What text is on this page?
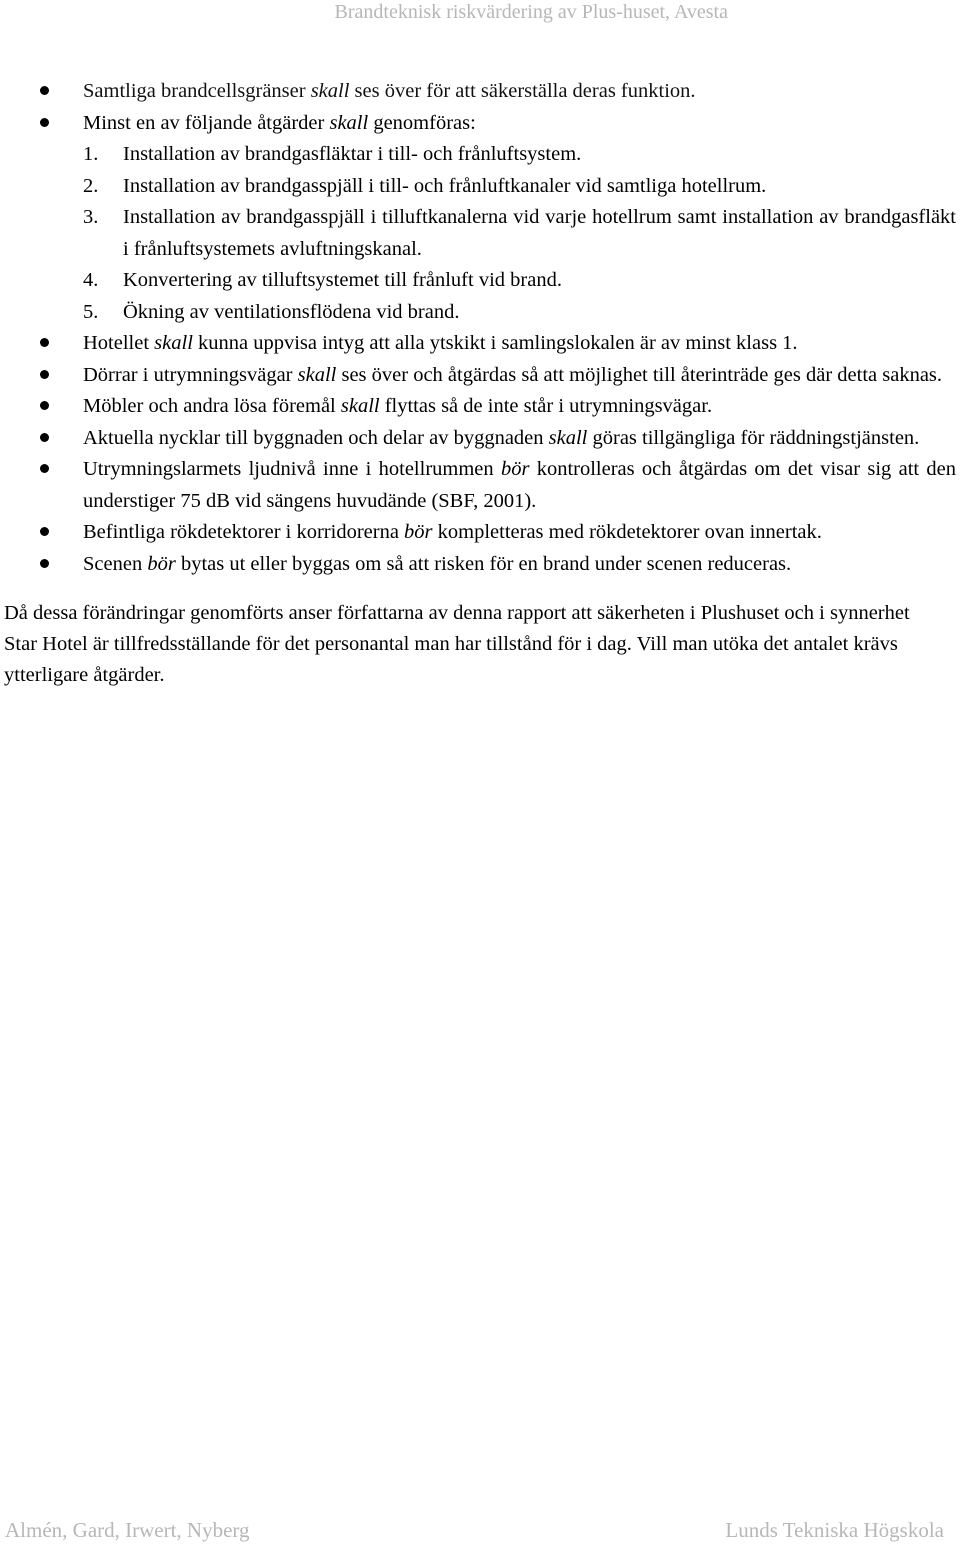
Brandteknisk riskvärdering av Plus-huset, Avesta
Samtliga brandcellsgränser skall ses över för att säkerställa deras funktion.
Minst en av följande åtgärder skall genomföras:
1. Installation av brandgasfläktar i till- och frånluftsystem.
2. Installation av brandgasspjäll i till- och frånluftkanaler vid samtliga hotellrum.
3. Installation av brandgasspjäll i tilluftkanalerna vid varje hotellrum samt installation av brandgasfläkt i frånluftsystemets avluftningskanal.
4. Konvertering av tilluftsystemet till frånluft vid brand.
5. Ökning av ventilationsflödena vid brand.
Hotellet skall kunna uppvisa intyg att alla ytskikt i samlingslokalen är av minst klass 1.
Dörrar i utrymningsvägar skall ses över och åtgärdas så att möjlighet till återinträde ges där detta saknas.
Möbler och andra lösa föremål skall flyttas så de inte står i utrymningsvägar.
Aktuella nycklar till byggnaden och delar av byggnaden skall göras tillgängliga för räddningstjänsten.
Utrymningslarmets ljudnivå inne i hotellrummen bör kontrolleras och åtgärdas om det visar sig att den understiger 75 dB vid sängens huvudände (SBF, 2001).
Befintliga rökdetektorer i korridorerna bör kompletteras med rökdetektorer ovan innertak.
Scenen bör bytas ut eller byggas om så att risken för en brand under scenen reduceras.

Då dessa förändringar genomförts anser författarna av denna rapport att säkerheten i Plushuset och i synnerhet Star Hotel är tillfredsställande för det personantal man har tillstånd för i dag. Vill man utöka det antalet krävs ytterligare åtgärder.

Almén, Gard, Irwert, Nyberg	Lunds Tekniska Högskola
